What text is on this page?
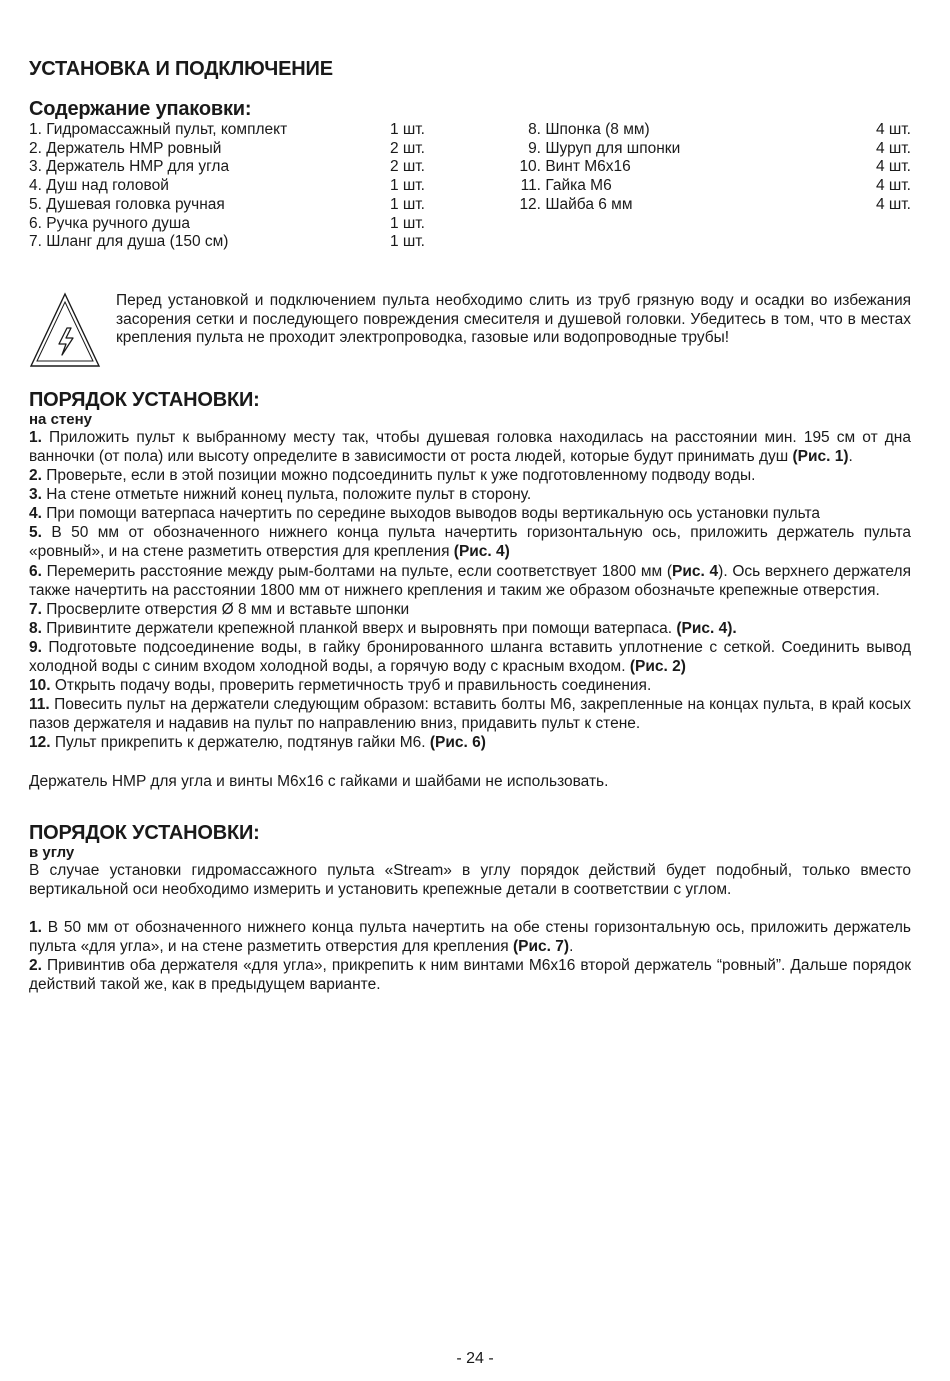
УСТАНОВКА И ПОДКЛЮЧЕНИЕ
Содержание упаковки:
1. Гидромассажный пульт, комплект	1 шт.
2. Держатель HMP ровный	2 шт.
3. Держатель HMP для угла	2 шт.
4. Душ над головой	1 шт.
5. Душевая головка ручная	1 шт.
6. Ручка ручного душа	1 шт.
7. Шланг для душа (150 см)	1 шт.
8. Шпонка (8 мм)	4 шт.
9. Шуруп для шпонки	4 шт.
10. Винт M6x16	4 шт.
11. Гайка M6	4 шт.
12. Шайба 6 мм	4 шт.
Перед установкой и подключением пульта необходимо слить из труб грязную воду и осадки во избежания засорения сетки и последующего повреждения смесителя и душевой головки. Убедитесь в том, что в местах крепления пульта не проходит электропроводка, газовые или водопроводные трубы!
ПОРЯДОК УСТАНОВКИ:
на стену

1. Приложить пульт к выбранному месту так, чтобы душевая головка находилась на расстоянии мин. 195 см от дна ванночки (от пола) или высоту определите в зависимости от роста людей, которые будут принимать душ (Рис. 1).

2. Проверьте, если в этой позиции можно подсоединить пульт к уже подготовленному подводу воды.

3. На стене отметьте нижний конец пульта, положите пульт в сторону.

4. При помощи ватерпаса начертить по середине выходов выводов воды вертикальную ось установки пульта

5. В 50 мм от обозначенного нижнего конца пульта начертить горизонтальную ось, приложить держатель пульта «ровный», и на стене разметить отверстия для крепления (Рис. 4)

6. Перемерить расстояние между рым-болтами на пульте, если соответствует 1800 мм (Рис. 4). Ось верхнего держателя также начертить на расстоянии 1800 мм от нижнего крепления и таким же образом обозначьте крепежные отверстия.

7. Просверлите отверстия Ø 8 мм и вставьте шпонки

8. Привинтите держатели крепежной планкой вверх и выровнять при помощи ватерпаса. (Рис. 4).

9. Подготовьте подсоединение воды, в гайку бронированного шланга вставить уплотнение с сеткой. Соединить вывод холодной воды с синим входом холодной воды, а горячую воду с красным входом. (Рис. 2)

10. Открыть подачу воды, проверить герметичность труб и правильность соединения.

11. Повесить пульт на держатели следующим образом: вставить болты М6, закрепленные на концах пульта, в край косых пазов держателя и надавив на пульт по направлению вниз, придавить пульт к стене.

12. Пульт прикрепить к держателю, подтянув гайки М6. (Рис. 6)

Держатель HMP для угла и винты M6x16 с гайками и шайбами не использовать.

ПОРЯДОК УСТАНОВКИ:
в углу

В случае установки гидромассажного пульта «Stream» в углу порядок действий будет подобный, только вместо вертикальной оси необходимо измерить и установить крепежные детали в соответствии с углом.

1. В 50 мм от обозначенного нижнего конца пульта начертить на обе стены горизонтальную ось, приложить держатель пульта «для угла», и на стене разметить отверстия для крепления (Рис. 7).

2. Привинтив оба держателя «для угла», прикрепить к ним винтами M6x16 второй держатель “ровный”. Дальше порядок действий такой же, как в предыдущем варианте.

- 24 -
